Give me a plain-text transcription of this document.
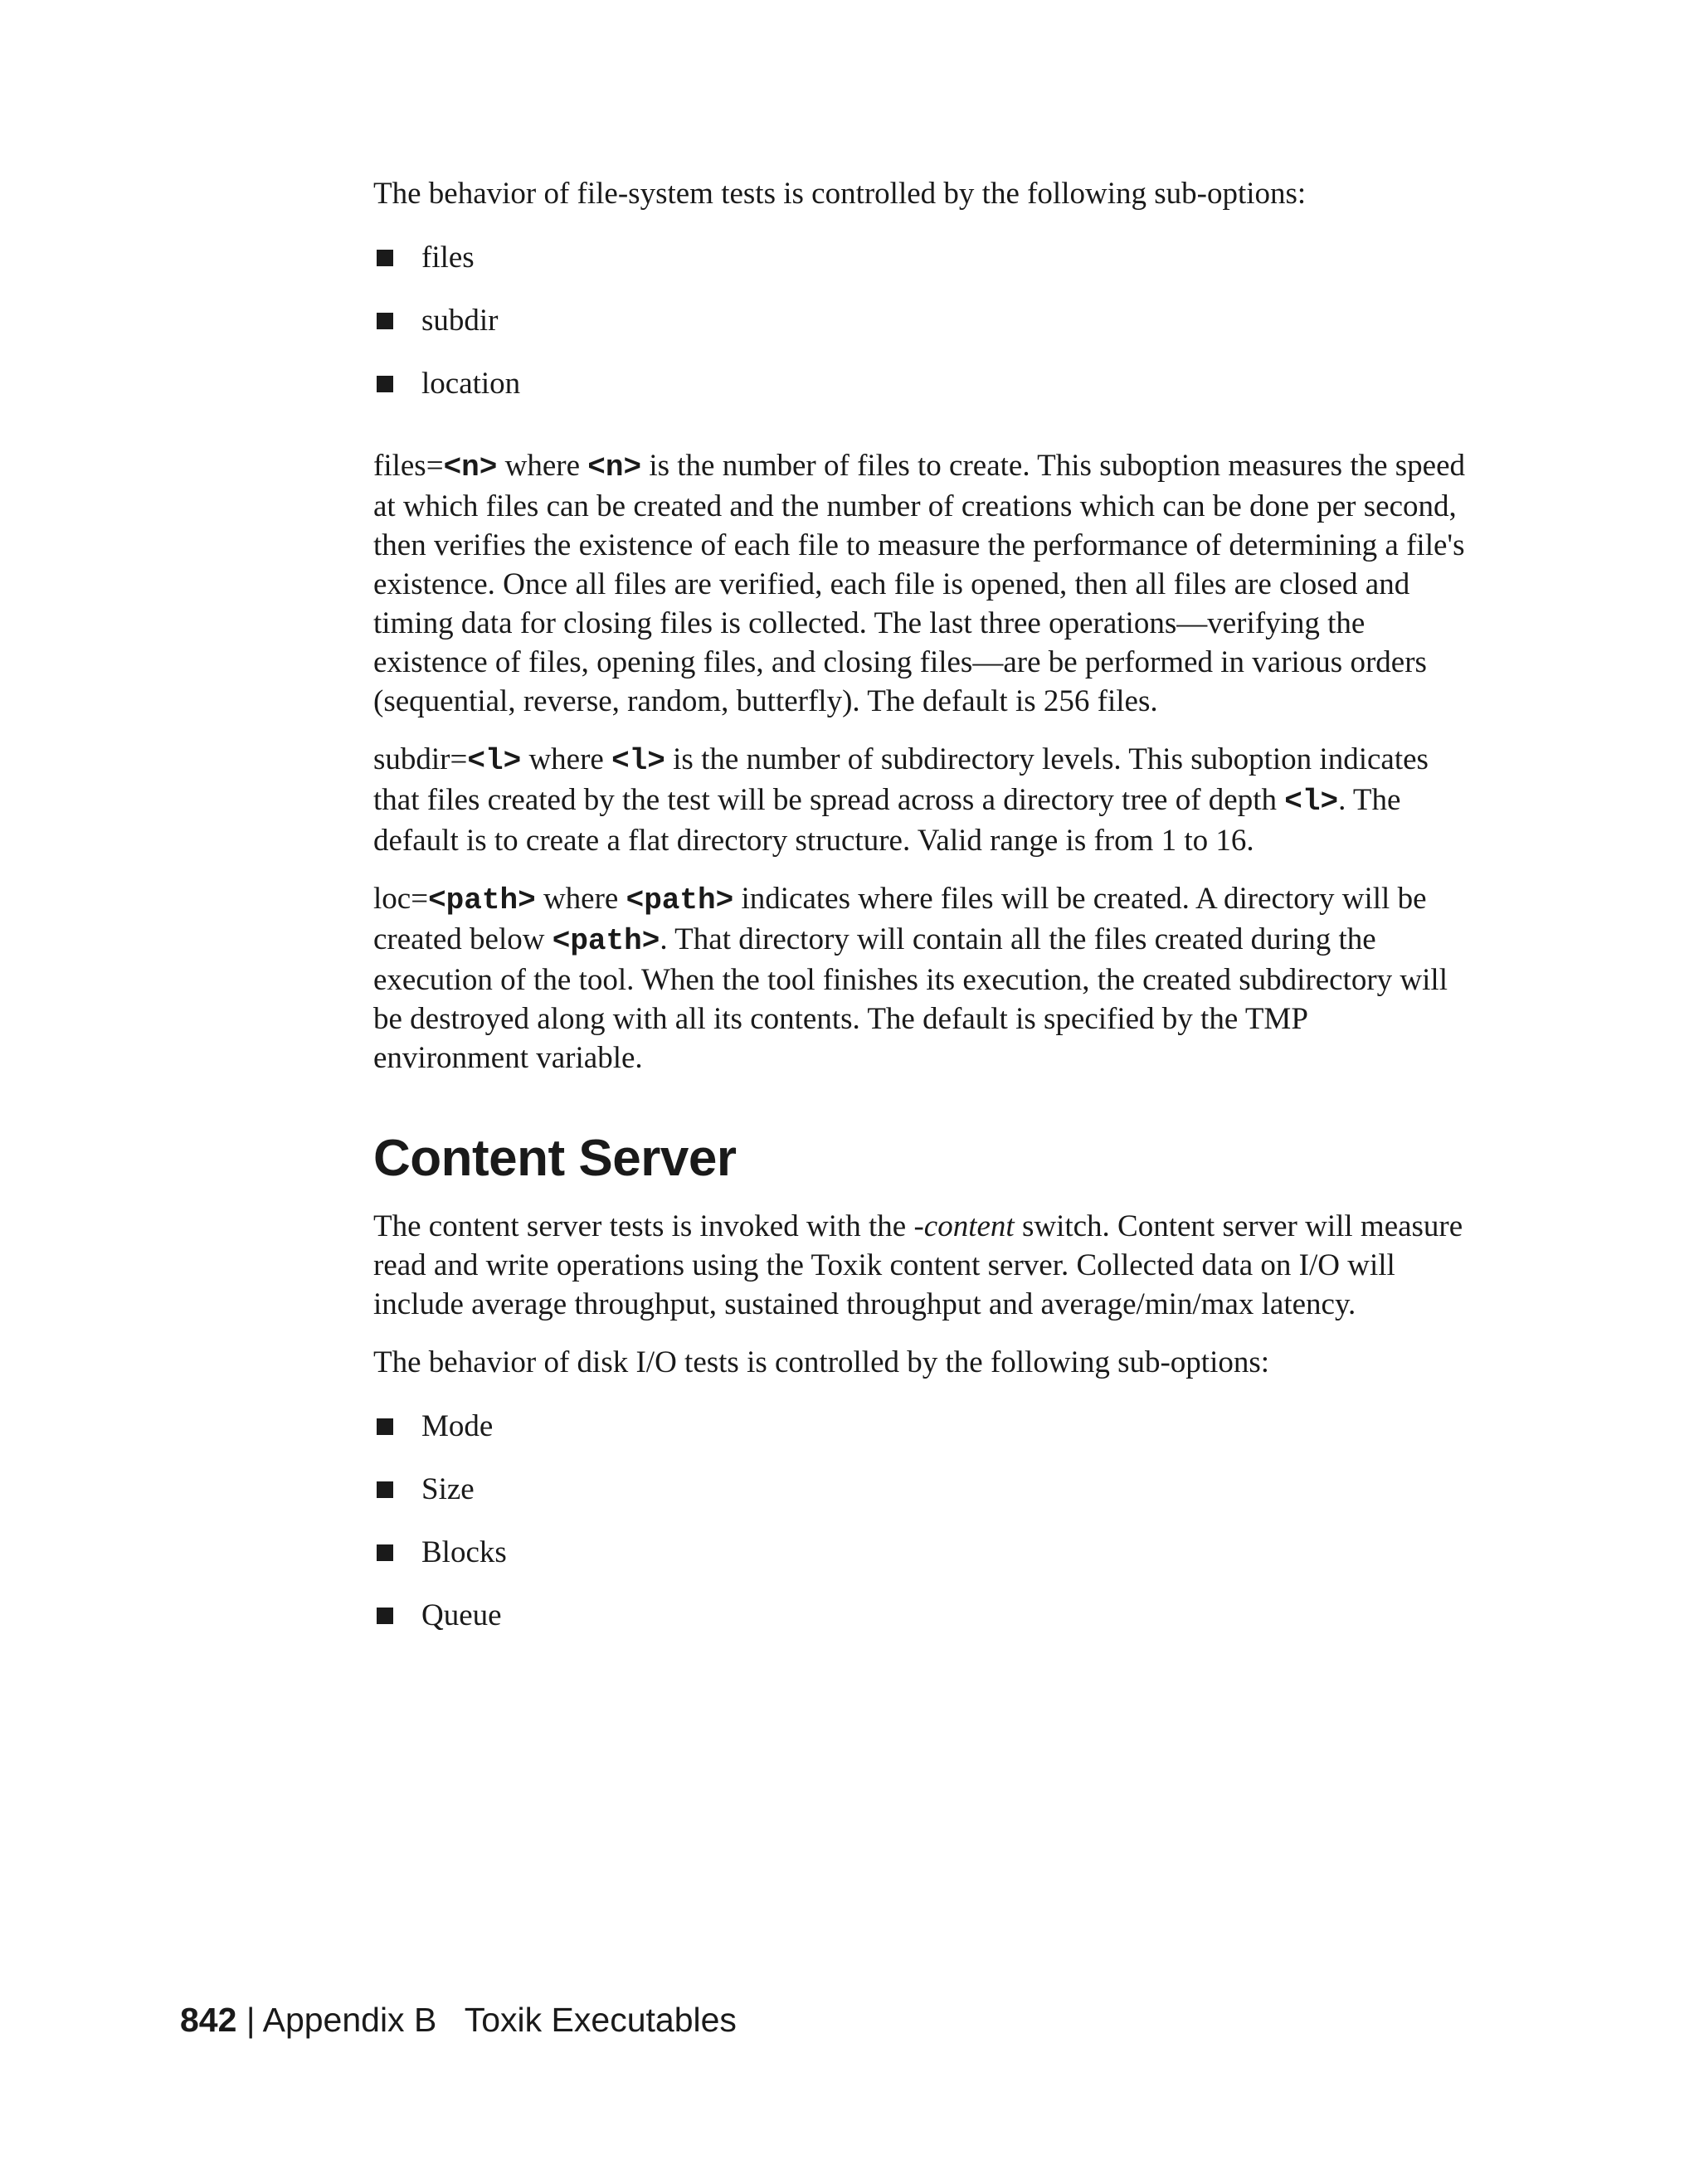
The behavior of file-system tests is controlled by the following sub-options:

files
subdir
location

files=<n> where <n> is the number of files to create. This suboption measures the speed at which files can be created and the number of creations which can be done per second, then verifies the existence of each file to measure the performance of determining a file's existence. Once all files are verified, each file is opened, then all files are closed and timing data for closing files is collected. The last three operations—verifying the existence of files, opening files, and closing files—are be performed in various orders (sequential, reverse, random, butterfly). The default is 256 files.

subdir=<l> where <l> is the number of subdirectory levels. This suboption indicates that files created by the test will be spread across a directory tree of depth <l>. The default is to create a flat directory structure. Valid range is from 1 to 16.

loc=<path> where <path> indicates where files will be created. A directory will be created below <path>. That directory will contain all the files created during the execution of the tool. When the tool finishes its execution, the created subdirectory will be destroyed along with all its contents. The default is specified by the TMP environment variable.

Content Server

The content server tests is invoked with the -content switch. Content server will measure read and write operations using the Toxik content server. Collected data on I/O will include average throughput, sustained throughput and average/min/max latency.

The behavior of disk I/O tests is controlled by the following sub-options:

Mode
Size
Blocks
Queue
842 | Appendix B Toxik Executables
